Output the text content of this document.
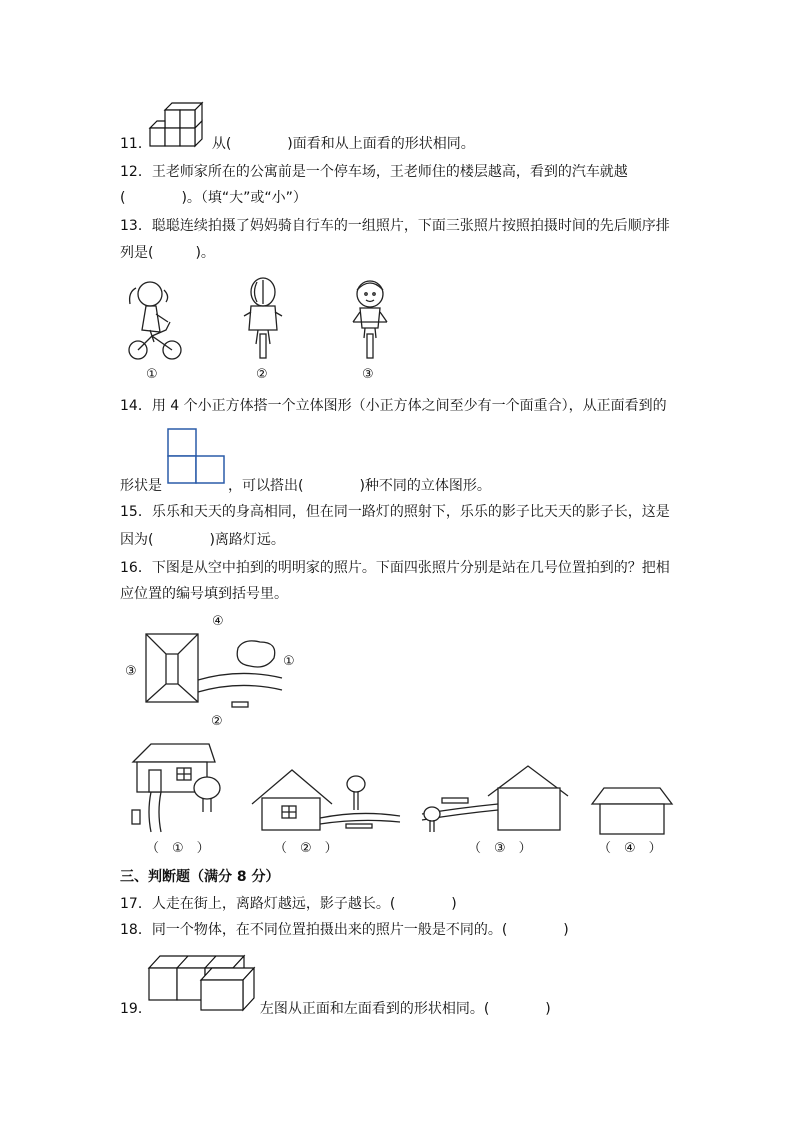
11．	从(　　　　)面看和从上面看的形状相同。
12．王老师家所在的公寓前是一个停车场，王老师住的楼层越高，看到的汽车就越
(　　　　)。（填“大”或“小”）
13．聪聪连续拍摄了妈妈骑自行车的一组照片，下面三张照片按照拍摄时间的先后顺序排
列是(　　　)。
①	②	③
14．用 4 个小正方体搭一个立体图形（小正方体之间至少有一个面重合），从正面看到的
形状是	，可以搭出(　　　　)种不同的立体图形。
15．乐乐和天天的身高相同，但在同一路灯的照射下，乐乐的影子比天天的影子长，这是
因为(　　　　)离路灯远。
16．下图是从空中拍到的明明家的照片。下面四张照片分别是站在几号位置拍到的？把相
应位置的编号填到括号里。
④
③
①
②
（　①　）	（　②　）	（　③　）	（　④　）
三、判断题（满分 8 分）
17．人走在街上，离路灯越远，影子越长。(　　　　)
18．同一个物体，在不同位置拍摄出来的照片一般是不同的。(　　　　)
19．	左图从正面和左面看到的形状相同。(　　　　)
